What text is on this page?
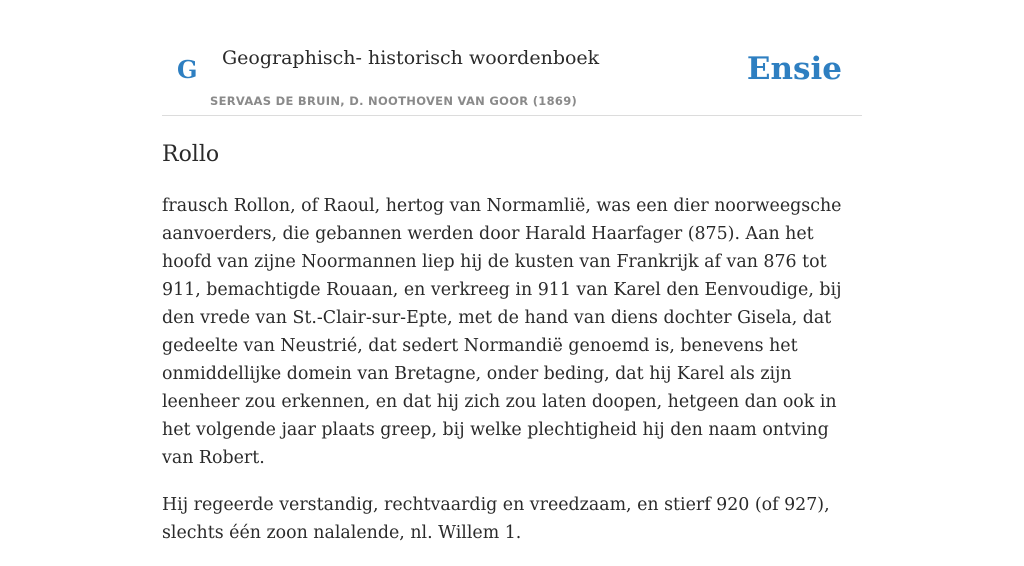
G Geographisch- historisch woordenboek
SERVAAS DE BRUIN, D. NOOTHOVEN VAN GOOR (1869)
Ensie
Rollo

frausch Rollon, of Raoul, hertog van Normamlië, was een dier noorweegsche aanvoerders, die gebannen werden door Harald Haarfager (875). Aan het hoofd van zijne Noormannen liep hij de kusten van Frankrijk af van 876 tot 911, bemachtigde Rouaan, en verkreeg in 911 van Karel den Eenvoudige, bij den vrede van St.-Clair-sur-Epte, met de hand van diens dochter Gisela, dat gedeelte van Neustrié, dat sedert Normandië genoemd is, benevens het onmiddellijke domein van Bretagne, onder beding, dat hij Karel als zijn leenheer zou erkennen, en dat hij zich zou laten doopen, hetgeen dan ook in het volgende jaar plaats greep, bij welke plechtigheid hij den naam ontving van Robert.

Hij regeerde verstandig, rechtvaardig en vreedzaam, en stierf 920 (of 927), slechts één zoon nalalende, nl. Willem 1.
